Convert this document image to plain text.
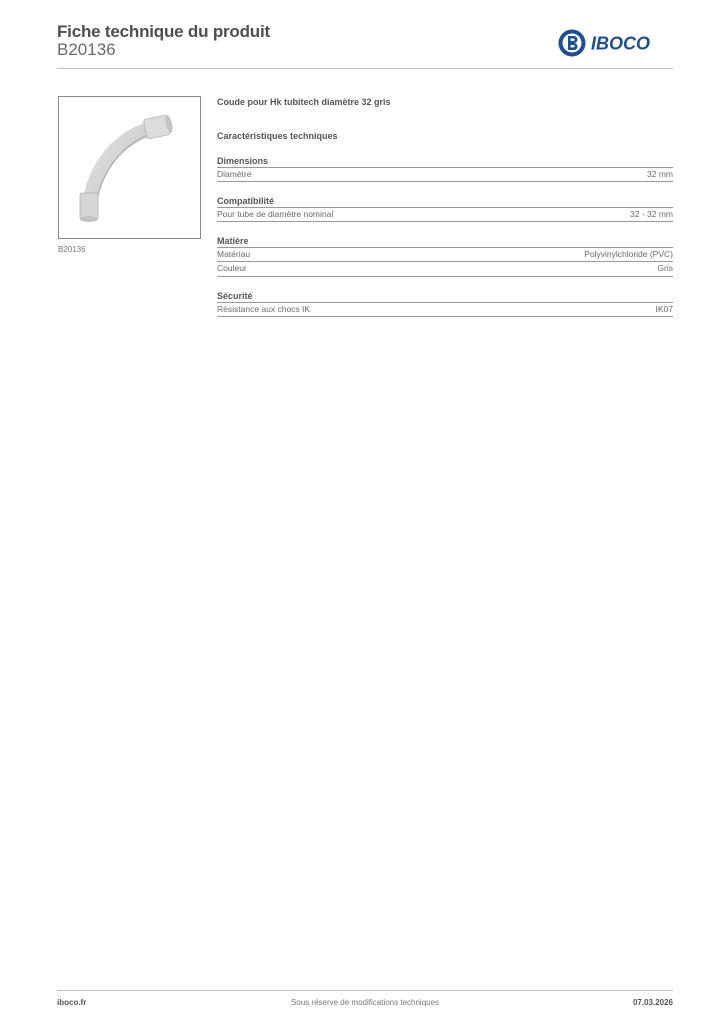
Fiche technique du produit
B20136	IBOCO
B20136
Coude pour Hk tubitech diamètre 32 gris
Caractéristiques techniques
Dimensions
Diamètre	32 mm
Compatibilité
Pour tube de diamètre nominal	32 - 32 mm
Matière
Matériau	Polyvinylchloride (PVC)
Couleur	Gris
Sécurité
Résistance aux chocs IK	IK07
Sous réserve de modifications techniques
iboco.fr	07.03.2026
